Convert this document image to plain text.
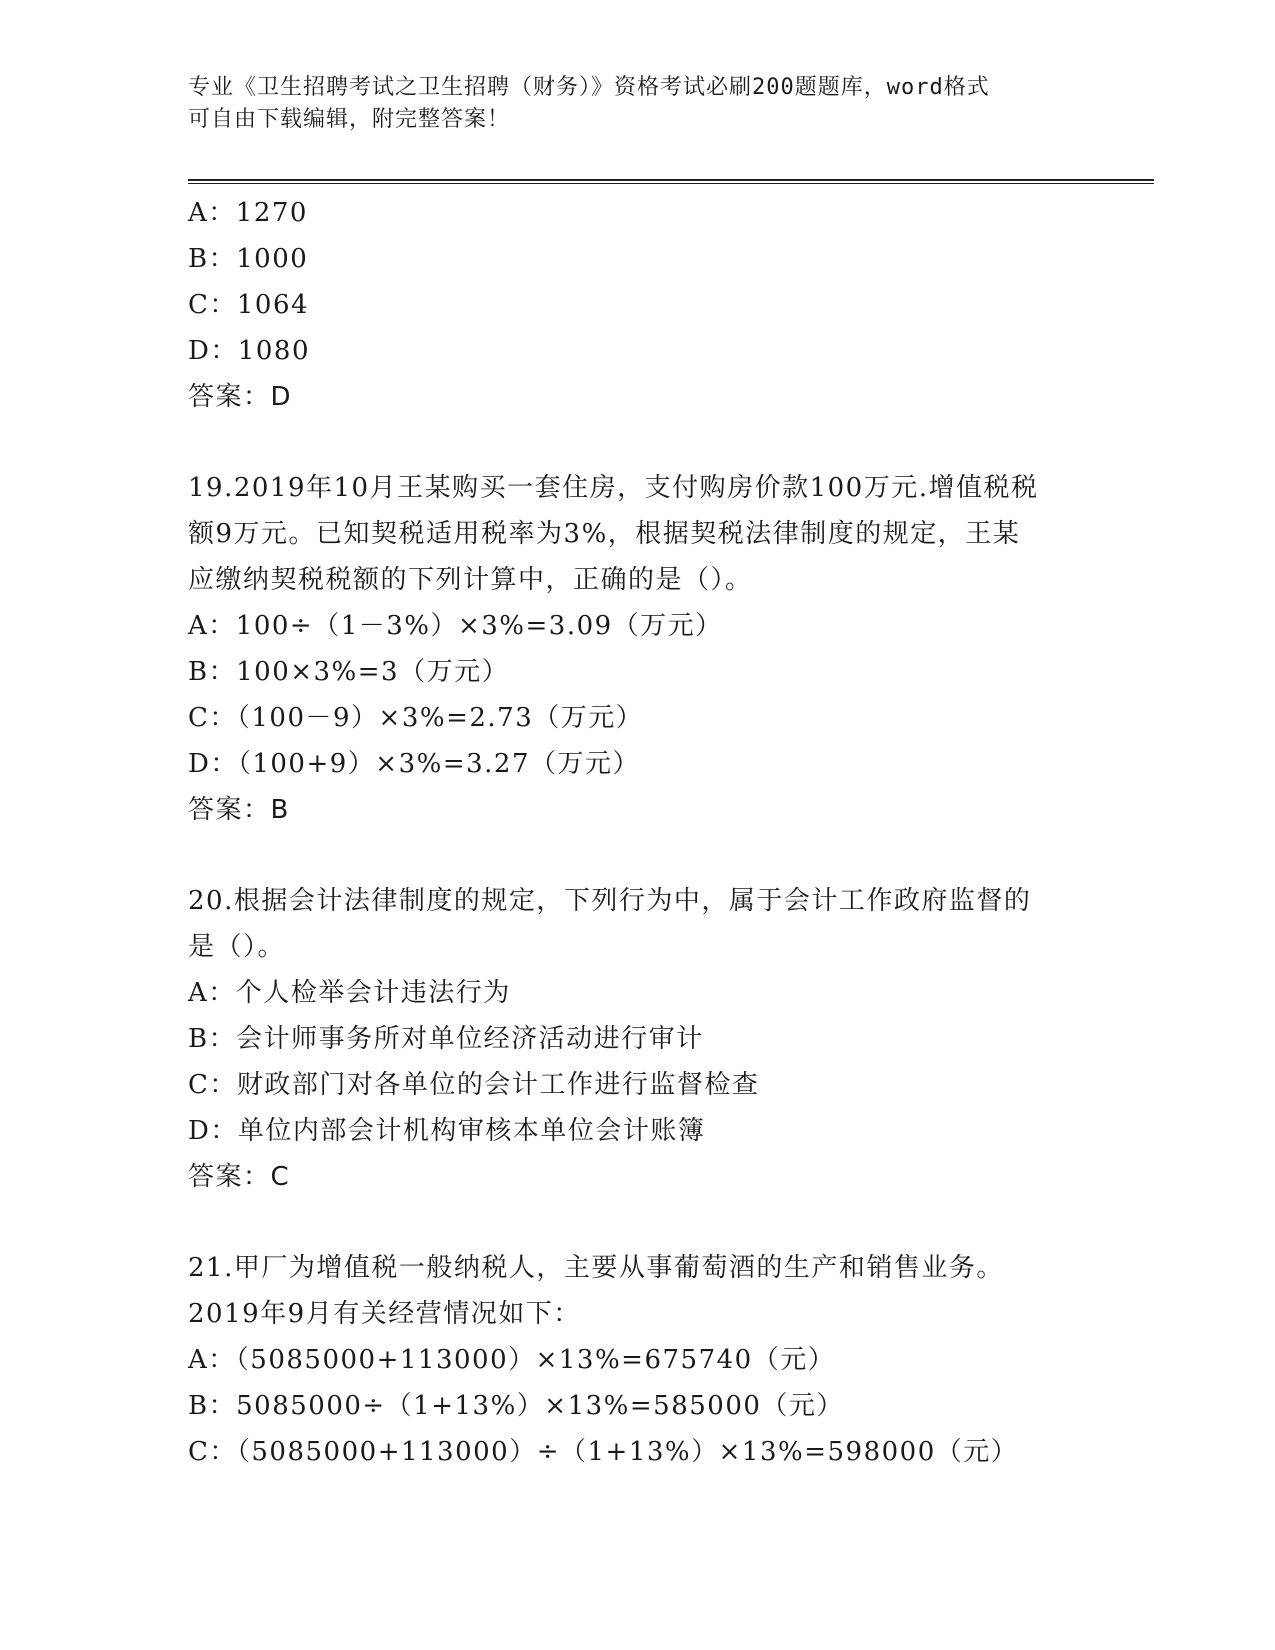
专业《卫生招聘考试之卫生招聘（财务）》资格考试必刷200题题库，word格式
可自由下载编辑，附完整答案！
A：1270
B：1000
C：1064
D：1080
答案：D
19.2019年10月王某购买一套住房，支付购房价款100万元.增值税税
额9万元。已知契税适用税率为3%，根据契税法律制度的规定，王某
应缴纳契税税额的下列计算中，正确的是（）。
A：100÷（1－3%）×3%=3.09（万元）
B：100×3%=3（万元）
C：（100－9）×3%=2.73（万元）
D：（100+9）×3%=3.27（万元）
答案：B
20.根据会计法律制度的规定，下列行为中，属于会计工作政府监督的
是（）。
A：个人检举会计违法行为
B：会计师事务所对单位经济活动进行审计
C：财政部门对各单位的会计工作进行监督检查
D：单位内部会计机构审核本单位会计账簿
答案：C
21.甲厂为增值税一般纳税人，主要从事葡萄酒的生产和销售业务。
2019年9月有关经营情况如下：
A：（5085000+113000）×13%=675740（元）
B：5085000÷（1+13%）×13%=585000（元）
C：（5085000+113000）÷（1+13%）×13%=598000（元）
